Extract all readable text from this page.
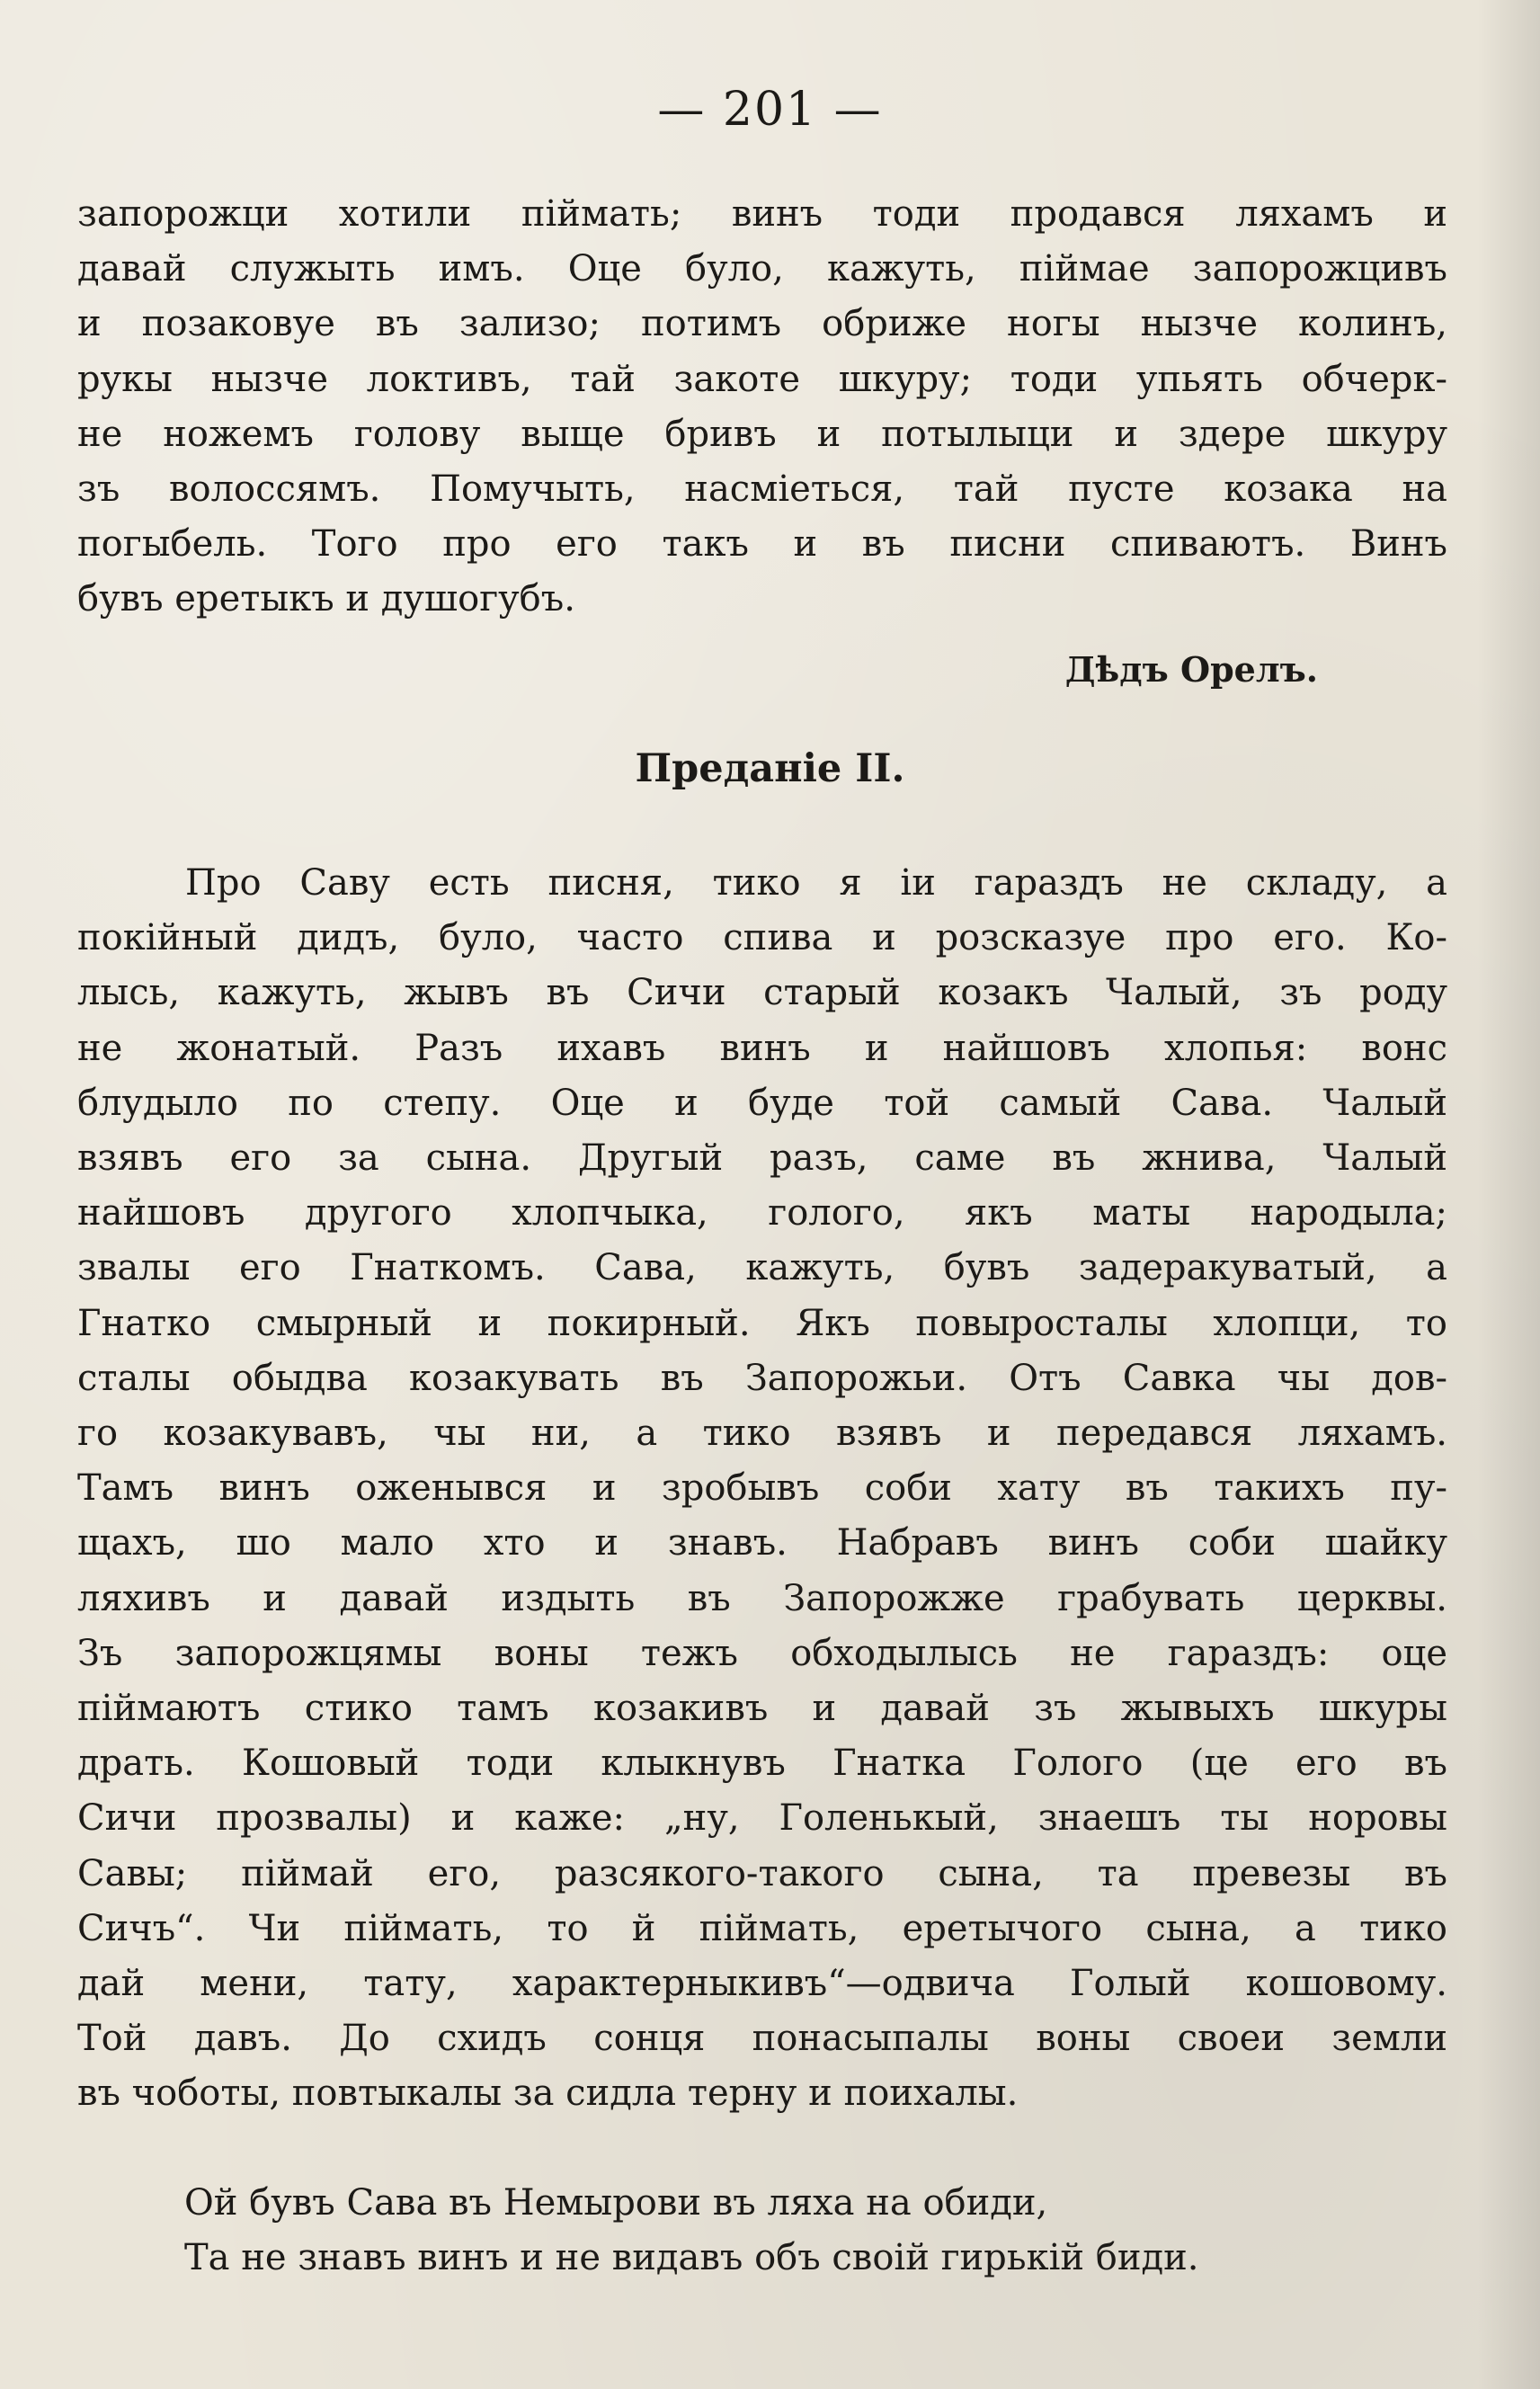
— 201 —
запорожци хотили піймать; винъ тоди продався ляхамъ и
давай служыть имъ. Оце було, кажуть, піймае запорожцивъ
и позаковуе въ зализо; потимъ обриже ногы нызче колинъ,
рукы нызче локтивъ, тай закоте шкуру; тоди упьять обчерк-
не ножемъ голову выще бривъ и потылыци и здере шкуру
зъ волоссямъ. Помучыть, насміеться, тай пусте козака на
погыбель. Того про его такъ и въ писни спиваютъ. Винъ
бувъ еретыкъ и душогубъ.
Дѣдъ Орелъ.
Преданіе II.
Про Саву есть писня, тико я іи гараздъ не складу, а
покійный дидъ, було, часто спива и розсказуе про его. Ко-
лысь, кажуть, жывъ въ Сичи старый козакъ Чалый, зъ роду
не жонатый. Разъ ихавъ винъ и найшовъ хлопья: вонс
блудыло по степу. Оце и буде той самый Сава. Чалый
взявъ его за сына. Другый разъ, саме въ жнива, Чалый
найшовъ другого хлопчыка, голого, якъ маты народыла;
звалы его Гнаткомъ. Сава, кажуть, бувъ задеракуватый, а
Гнатко смырный и покирный. Якъ повыросталы хлопци, то
сталы обыдва козакувать въ Запорожьи. Отъ Савка чы дов-
го козакувавъ, чы ни, а тико взявъ и передався ляхамъ.
Тамъ винъ оженывся и зробывъ соби хату въ такихъ пу-
щахъ, шо мало хто и знавъ. Набравъ винъ соби шайку
ляхивъ и давай издыть въ Запорожже грабувать церквы.
Зъ запорожцямы воны тежъ обходылысь не гараздъ: оце
піймаютъ стико тамъ козакивъ и давай зъ жывыхъ шкуры
драть. Кошовый тоди клыкнувъ Гнатка Голого (це его въ
Сичи прозвалы) и каже: „ну, Голенькый, знаешъ ты норовы
Савы; піймай его, разсякого-такого сына, та превезы въ
Сичъ“. Чи піймать, то й піймать, еретычого сына, а тико
дай мени, тату, характерныкивъ“—одвича Голый кошовому.
Той давъ. До схидъ сонця понасыпалы воны своеи земли
въ чоботы, повтыкалы за сидла терну и поихалы.
Ой бувъ Сава въ Немырови въ ляха на обиди,
Та не знавъ винъ и не видавъ объ своій гирькій биди.
